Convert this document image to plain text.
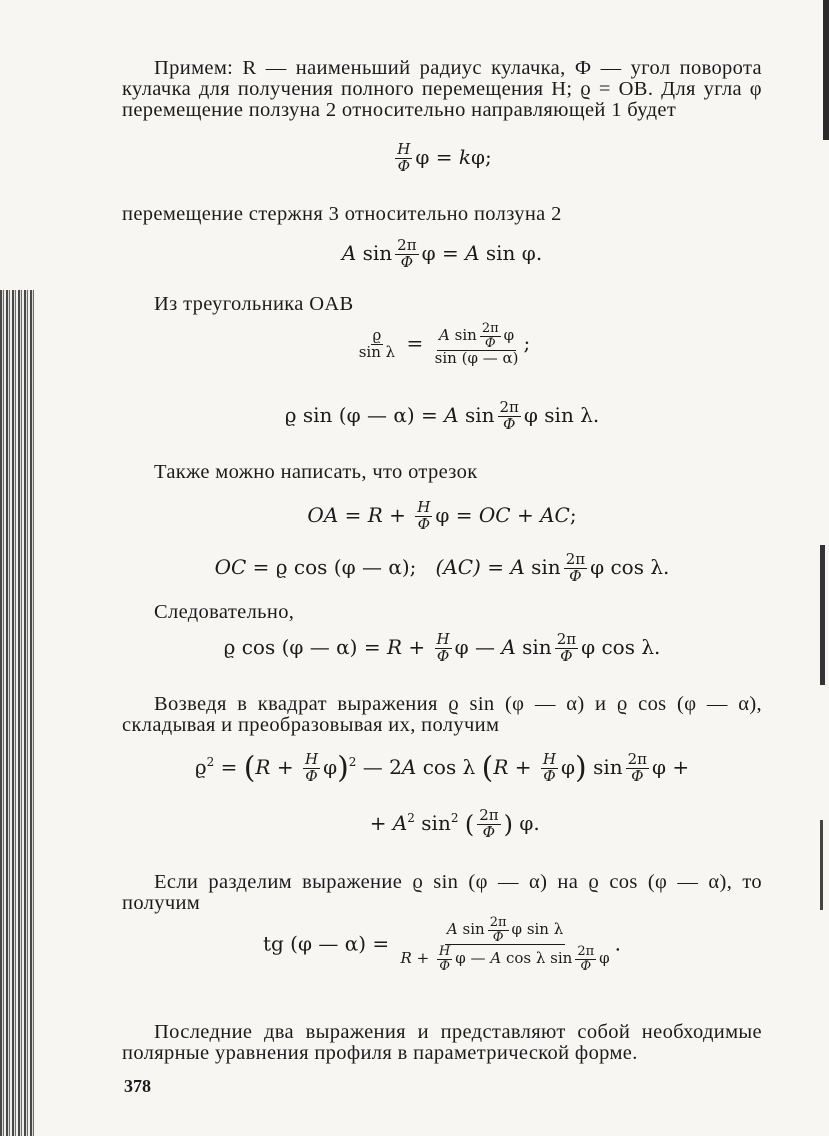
Примем: R — наименьший радиус кулачка, Ф — угол поворота кулачка для получения полного перемещения H; ϱ = OB. Для угла φ перемещение ползуна 2 относительно направляющей 1 будет
$\frac{H}{Ф}$ φ = kφ;
перемещение стержня 3 относительно ползуна 2
A $\sin \frac{2\pi}{Ф}$ φ = A sin φ.
Из треугольника OAB
$\frac{ϱ}{\text{sin λ}} = \frac{A \sin \frac{2\pi}{Ф} \varphi}{\sin (\varphi — \alpha)}$ ;
ϱ sin (φ — α) = A $\sin \frac{2\pi}{Ф}$ φ sin λ.
Также можно написать, что отрезок
OA = $R + \frac{H}{Ф}$ φ = OC + AC;
OC = ϱ cos (φ — α);   (AC) = A $\sin \frac{2\pi}{Ф}$ φ cos λ.
Следовательно,
ϱ cos (φ — $\alpha) = R + \frac{H}{Ф}$ φ — A $\sin \frac{2\pi}{Ф}$ φ cos λ.
Возведя в квадрат выражения ϱ sin (φ — α) и ϱ cos (φ — α), складывая и преобразовывая их, получим
$ϱ^2 = (R + \frac{H}{Ф} \varphi)^2$ — 2A cos λ $(R + \frac{H}{Ф} \varphi)$ $\sin \frac{2\pi}{Ф}$ φ +
+ $A^2$ $\sin^2$ ( $\frac{2\pi}{Ф}$ ) φ.
Если разделим выражение ϱ sin (φ — α) на ϱ cos (φ — α), то получим
tg (φ — $\alpha) = \frac{A \sin \frac{2\pi}{Ф} \varphi \sin \lambda}{R + \frac{H}{Ф} \varphi — A \cos \lambda \sin \frac{2\pi}{Ф} \varphi}$ .
Последние два выражения и представляют собой необходимые полярные уравнения профиля в параметрической форме.
378
